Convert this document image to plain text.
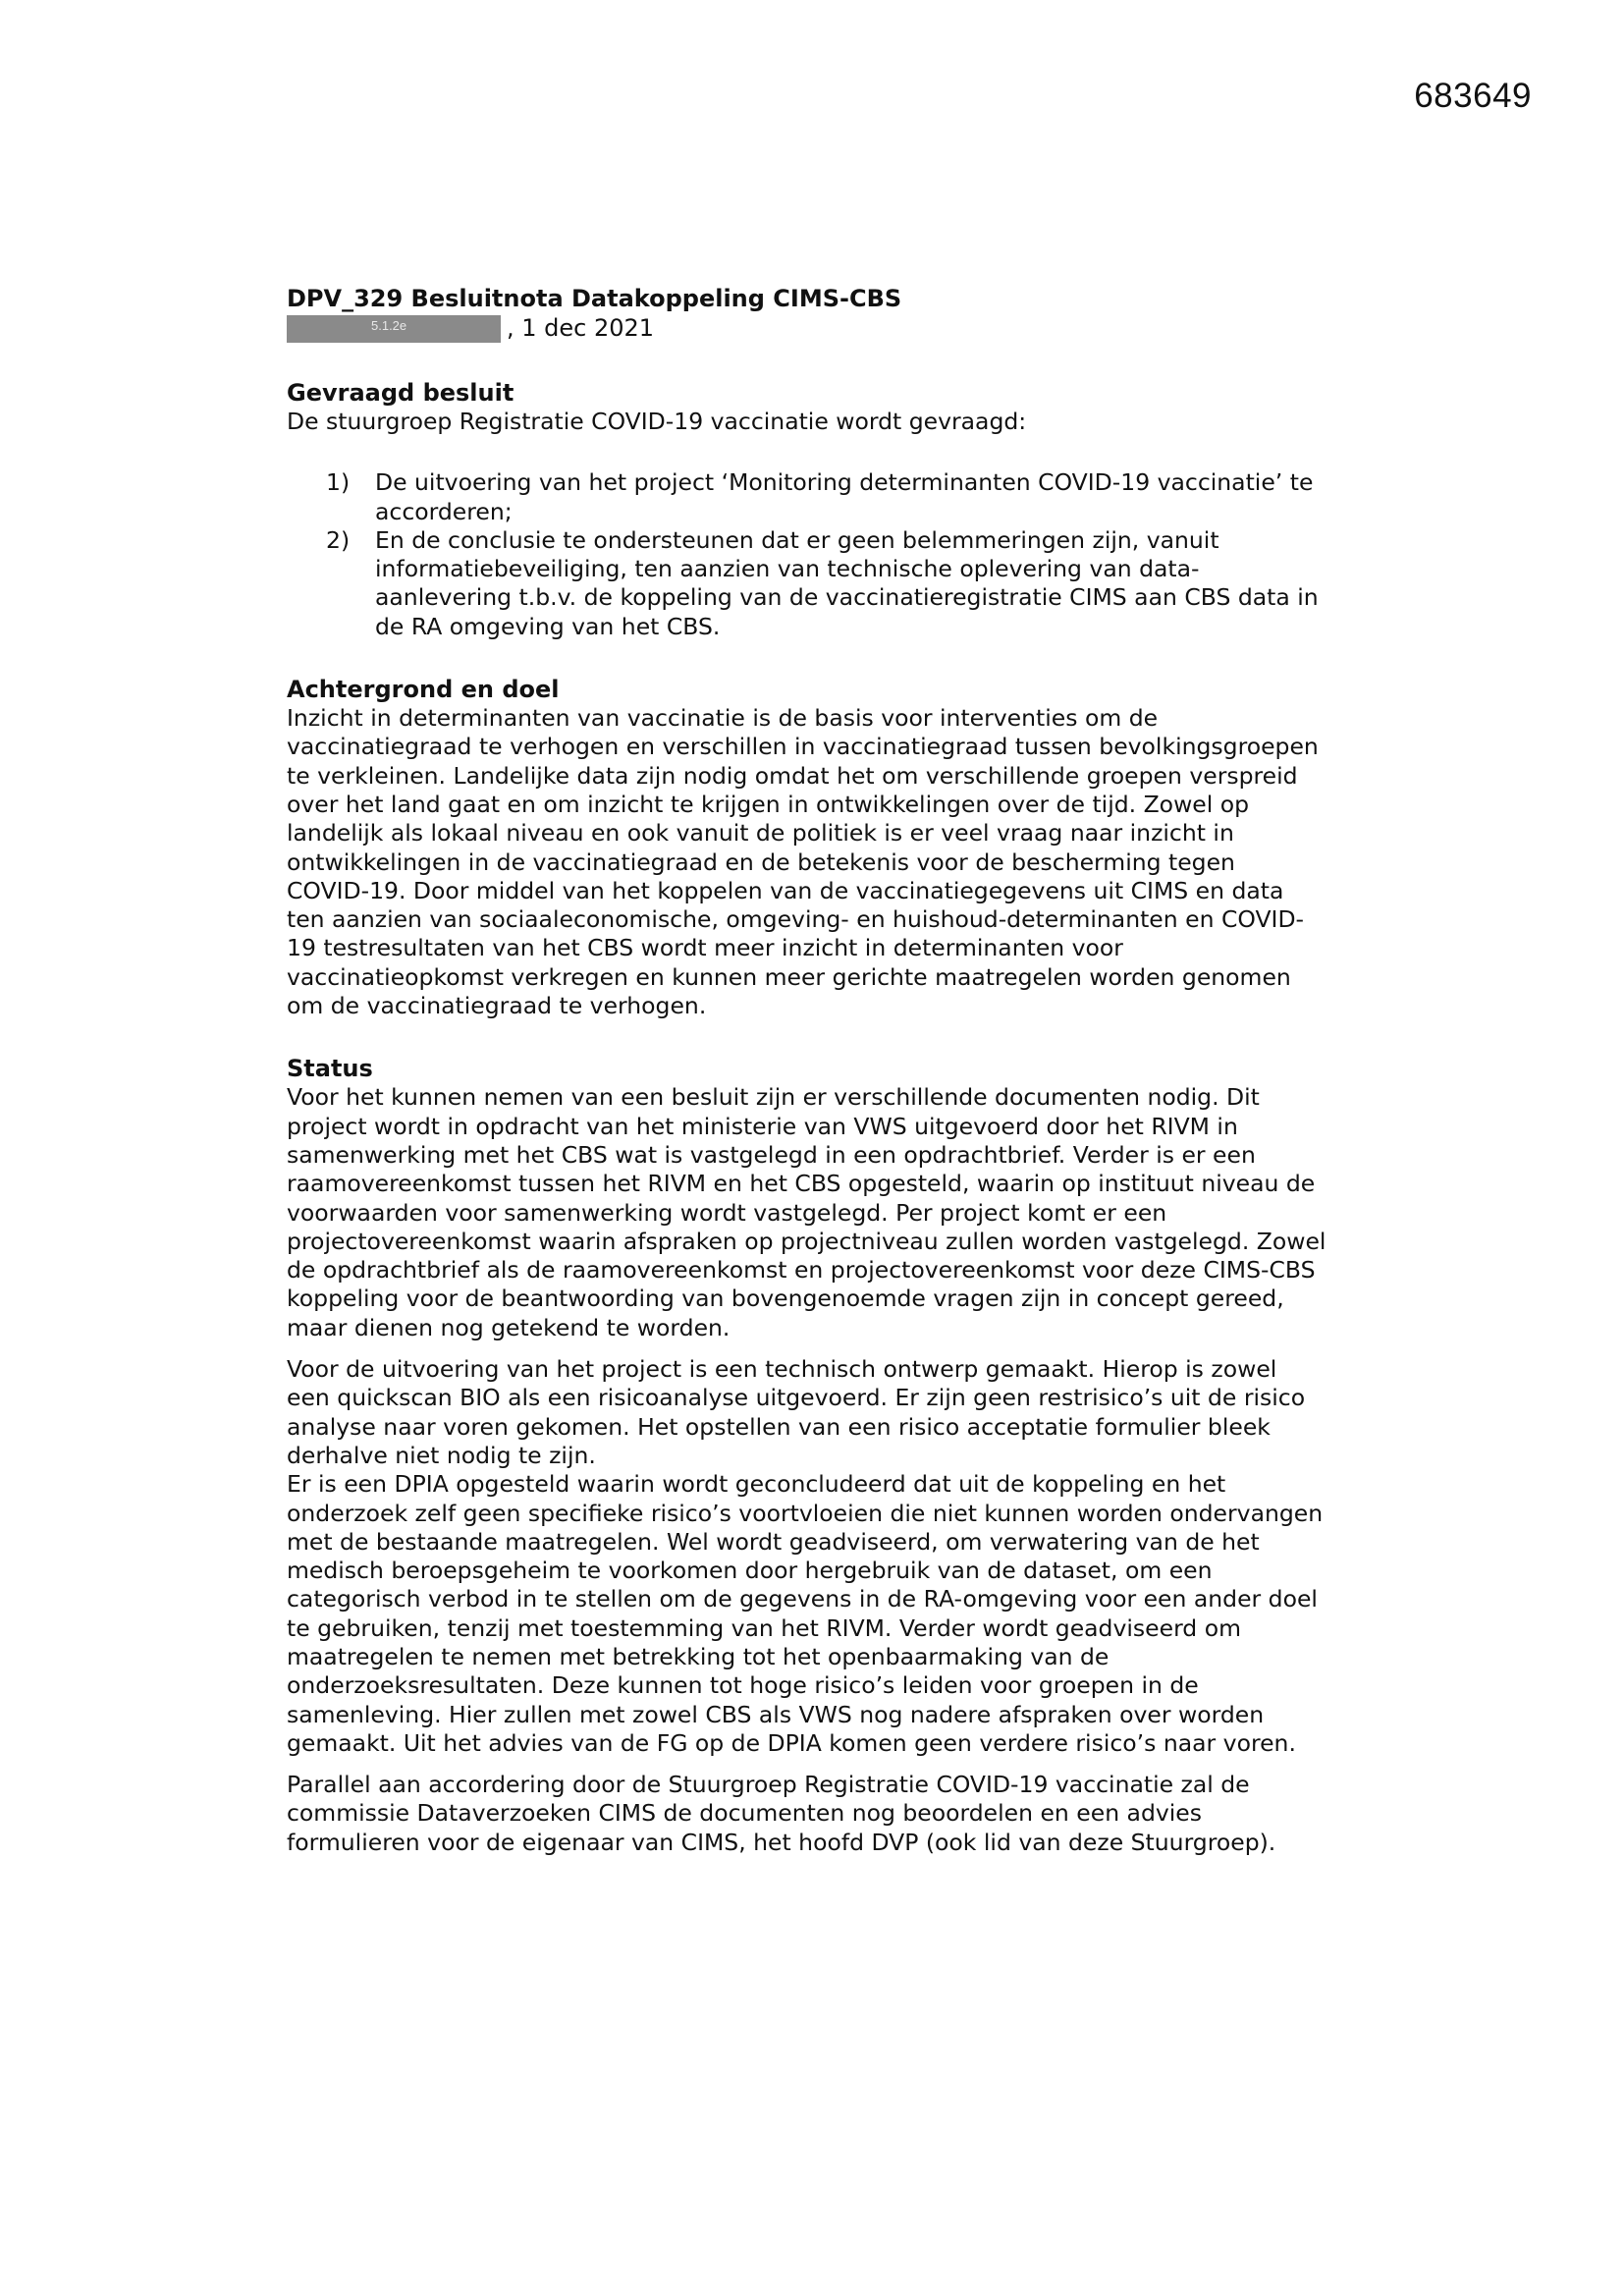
683649
DPV_329 Besluitnota Datakoppeling CIMS-CBS
5.1.2e	, 1 dec 2021
Gevraagd besluit

De stuurgroep Registratie COVID-19 vaccinatie wordt gevraagd:

1) De uitvoering van het project ‘Monitoring determinanten COVID-19 vaccinatie’ te
accorderen;
2) En de conclusie te ondersteunen dat er geen belemmeringen zijn, vanuit
informatiebeveiliging, ten aanzien van technische oplevering van data-
aanlevering t.b.v. de koppeling van de vaccinatieregistratie CIMS aan CBS data in
de RA omgeving van het CBS.
Achtergrond en doel
Inzicht in determinanten van vaccinatie is de basis voor interventies om de
vaccinatiegraad te verhogen en verschillen in vaccinatiegraad tussen bevolkingsgroepen
te verkleinen. Landelijke data zijn nodig omdat het om verschillende groepen verspreid
over het land gaat en om inzicht te krijgen in ontwikkelingen over de tijd. Zowel op
landelijk als lokaal niveau en ook vanuit de politiek is er veel vraag naar inzicht in
ontwikkelingen in de vaccinatiegraad en de betekenis voor de bescherming tegen
COVID-19. Door middel van het koppelen van de vaccinatiegegevens uit CIMS en data
ten aanzien van sociaaleconomische, omgeving- en huishoud-determinanten en COVID-
19 testresultaten van het CBS wordt meer inzicht in determinanten voor
vaccinatieopkomst verkregen en kunnen meer gerichte maatregelen worden genomen
om de vaccinatiegraad te verhogen.
Status
Voor het kunnen nemen van een besluit zijn er verschillende documenten nodig. Dit
project wordt in opdracht van het ministerie van VWS uitgevoerd door het RIVM in
samenwerking met het CBS wat is vastgelegd in een opdrachtbrief. Verder is er een
raamovereenkomst tussen het RIVM en het CBS opgesteld, waarin op instituut niveau de
voorwaarden voor samenwerking wordt vastgelegd. Per project komt er een
projectovereenkomst waarin afspraken op projectniveau zullen worden vastgelegd. Zowel
de opdrachtbrief als de raamovereenkomst en projectovereenkomst voor deze CIMS-CBS
koppeling voor de beantwoording van bovengenoemde vragen zijn in concept gereed,
maar dienen nog getekend te worden.
Voor de uitvoering van het project is een technisch ontwerp gemaakt. Hierop is zowel
een quickscan BIO als een risicoanalyse uitgevoerd. Er zijn geen restrisico’s uit de risico
analyse naar voren gekomen. Het opstellen van een risico acceptatie formulier bleek
derhalve niet nodig te zijn.
Er is een DPIA opgesteld waarin wordt geconcludeerd dat uit de koppeling en het
onderzoek zelf geen specifieke risico’s voortvloeien die niet kunnen worden ondervangen
met de bestaande maatregelen. Wel wordt geadviseerd, om verwatering van de het
medisch beroepsgeheim te voorkomen door hergebruik van de dataset, om een
categorisch verbod in te stellen om de gegevens in de RA-omgeving voor een ander doel
te gebruiken, tenzij met toestemming van het RIVM. Verder wordt geadviseerd om
maatregelen te nemen met betrekking tot het openbaarmaking van de
onderzoeksresultaten. Deze kunnen tot hoge risico’s leiden voor groepen in de
samenleving. Hier zullen met zowel CBS als VWS nog nadere afspraken over worden
gemaakt. Uit het advies van de FG op de DPIA komen geen verdere risico’s naar voren.
Parallel aan accordering door de Stuurgroep Registratie COVID-19 vaccinatie zal de
commissie Dataverzoeken CIMS de documenten nog beoordelen en een advies
formulieren voor de eigenaar van CIMS, het hoofd DVP (ook lid van deze Stuurgroep).
